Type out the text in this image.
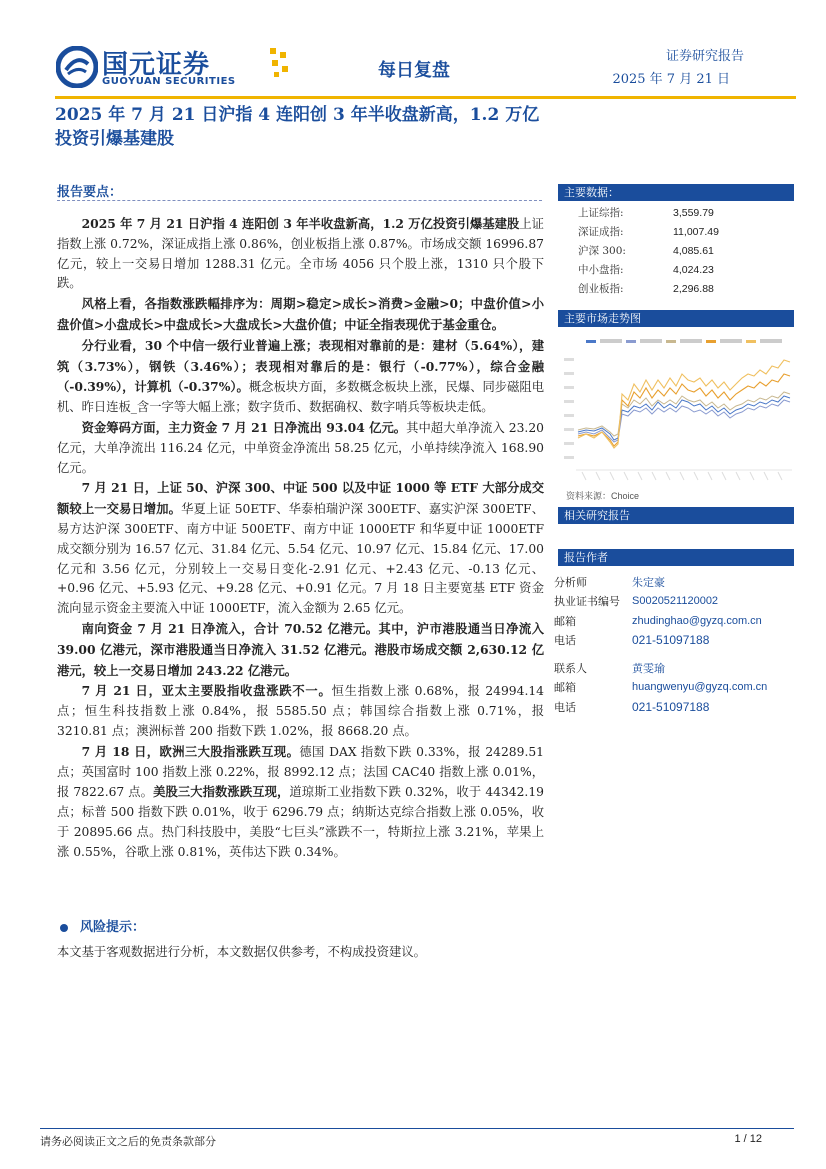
国元证券
GUOYUAN SECURITIES
每日复盘
证券研究报告
2025 年 7 月 21 日
2025 年 7 月 21 日沪指 4 连阳创 3 年半收盘新高，1.2 万亿投资引爆基建股
报告要点：

2025 年 7 月 21 日沪指 4 连阳创 3 年半收盘新高，1.2 万亿投资引爆基建股上证指数上涨 0.72%，深证成指上涨 0.86%，创业板指上涨 0.87%。市场成交额 16996.87 亿元，较上一交易日增加 1288.31 亿元。全市场 4056 只个股上涨，1310 只个股下跌。

风格上看，各指数涨跌幅排序为：周期>稳定>成长>消费>金融>0；中盘价值>小盘价值>小盘成长>中盘成长>大盘成长>大盘价值；中证全指表现优于基金重仓。

分行业看，30 个中信一级行业普遍上涨；表现相对靠前的是：建材（5.64%），建筑（3.73%），钢铁（3.46%）；表现相对靠后的是：银行（-0.77%），综合金融（-0.39%），计算机（-0.37%）。概念板块方面，多数概念板块上涨，民爆、同步磁阻电机、昨日连板_含一字等大幅上涨；数字货币、数据确权、数字哨兵等板块走低。

资金筹码方面，主力资金 7 月 21 日净流出 93.04 亿元。其中超大单净流入 23.20 亿元，大单净流出 116.24 亿元，中单资金净流出 58.25 亿元，小单持续净流入 168.90 亿元。

7 月 21 日，上证 50、沪深 300、中证 500 以及中证 1000 等 ETF 大部分成交额较上一交易日增加。华夏上证 50ETF、华泰柏瑞沪深 300ETF、嘉实沪深 300ETF、易方达沪深 300ETF、南方中证 500ETF、南方中证 1000ETF 和华夏中证 1000ETF 成交额分别为 16.57 亿元、31.84 亿元、5.54 亿元、10.97 亿元、15.84 亿元、17.00 亿元和 3.56 亿元，分别较上一交易日变化-2.91 亿元、+2.43 亿元、-0.13 亿元、+0.96 亿元、+5.93 亿元、+9.28 亿元、+0.91 亿元。7 月 18 日主要宽基 ETF 资金流向显示资金主要流入中证 1000ETF，流入金额为 2.65 亿元。

南向资金 7 月 21 日净流入，合计 70.52 亿港元。其中，沪市港股通当日净流入 39.00 亿港元，深市港股通当日净流入 31.52 亿港元。港股市场成交额 2,630.12 亿港元，较上一交易日增加 243.22 亿港元。

7 月 21 日，亚太主要股指收盘涨跌不一。恒生指数上涨 0.68%，报 24994.14 点；恒生科技指数上涨 0.84%，报 5585.50 点；韩国综合指数上涨 0.71%，报 3210.81 点；澳洲标普 200 指数下跌 1.02%，报 8668.20 点。

7 月 18 日，欧洲三大股指涨跌互现。德国 DAX 指数下跌 0.33%，报 24289.51 点；英国富时 100 指数上涨 0.22%，报 8992.12 点；法国 CAC40 指数上涨 0.01%，报 7822.67 点。美股三大指数涨跌互现，道琼斯工业指数下跌 0.32%，收于 44342.19 点；标普 500 指数下跌 0.01%，收于 6296.79 点；纳斯达克综合指数上涨 0.05%，收于 20895.66 点。热门科技股中，美股“七巨头”涨跌不一，特斯拉上涨 3.21%，苹果上涨 0.55%，谷歌上涨 0.81%，英伟达下跌 0.34%。

风险提示：
本文基于客观数据进行分析，本文数据仅供参考，不构成投资建议。
主要数据：
上证综指:	3,559.79
深证成指:	11,007.49
沪深 300:	4,085.61
中小盘指:	4,024.23
创业板指:	2,296.88
主要市场走势图
资料来源：Choice
相关研究报告
报告作者
分析师	朱定豪
执业证书编号	S0020521120002
邮箱	zhudinghao@gyzq.com.cn
电话	021-51097188
联系人	黄雯瑜
邮箱	huangwenyu@gyzq.com.cn
电话	021-51097188
请务必阅读正文之后的免责条款部分	1 / 12
